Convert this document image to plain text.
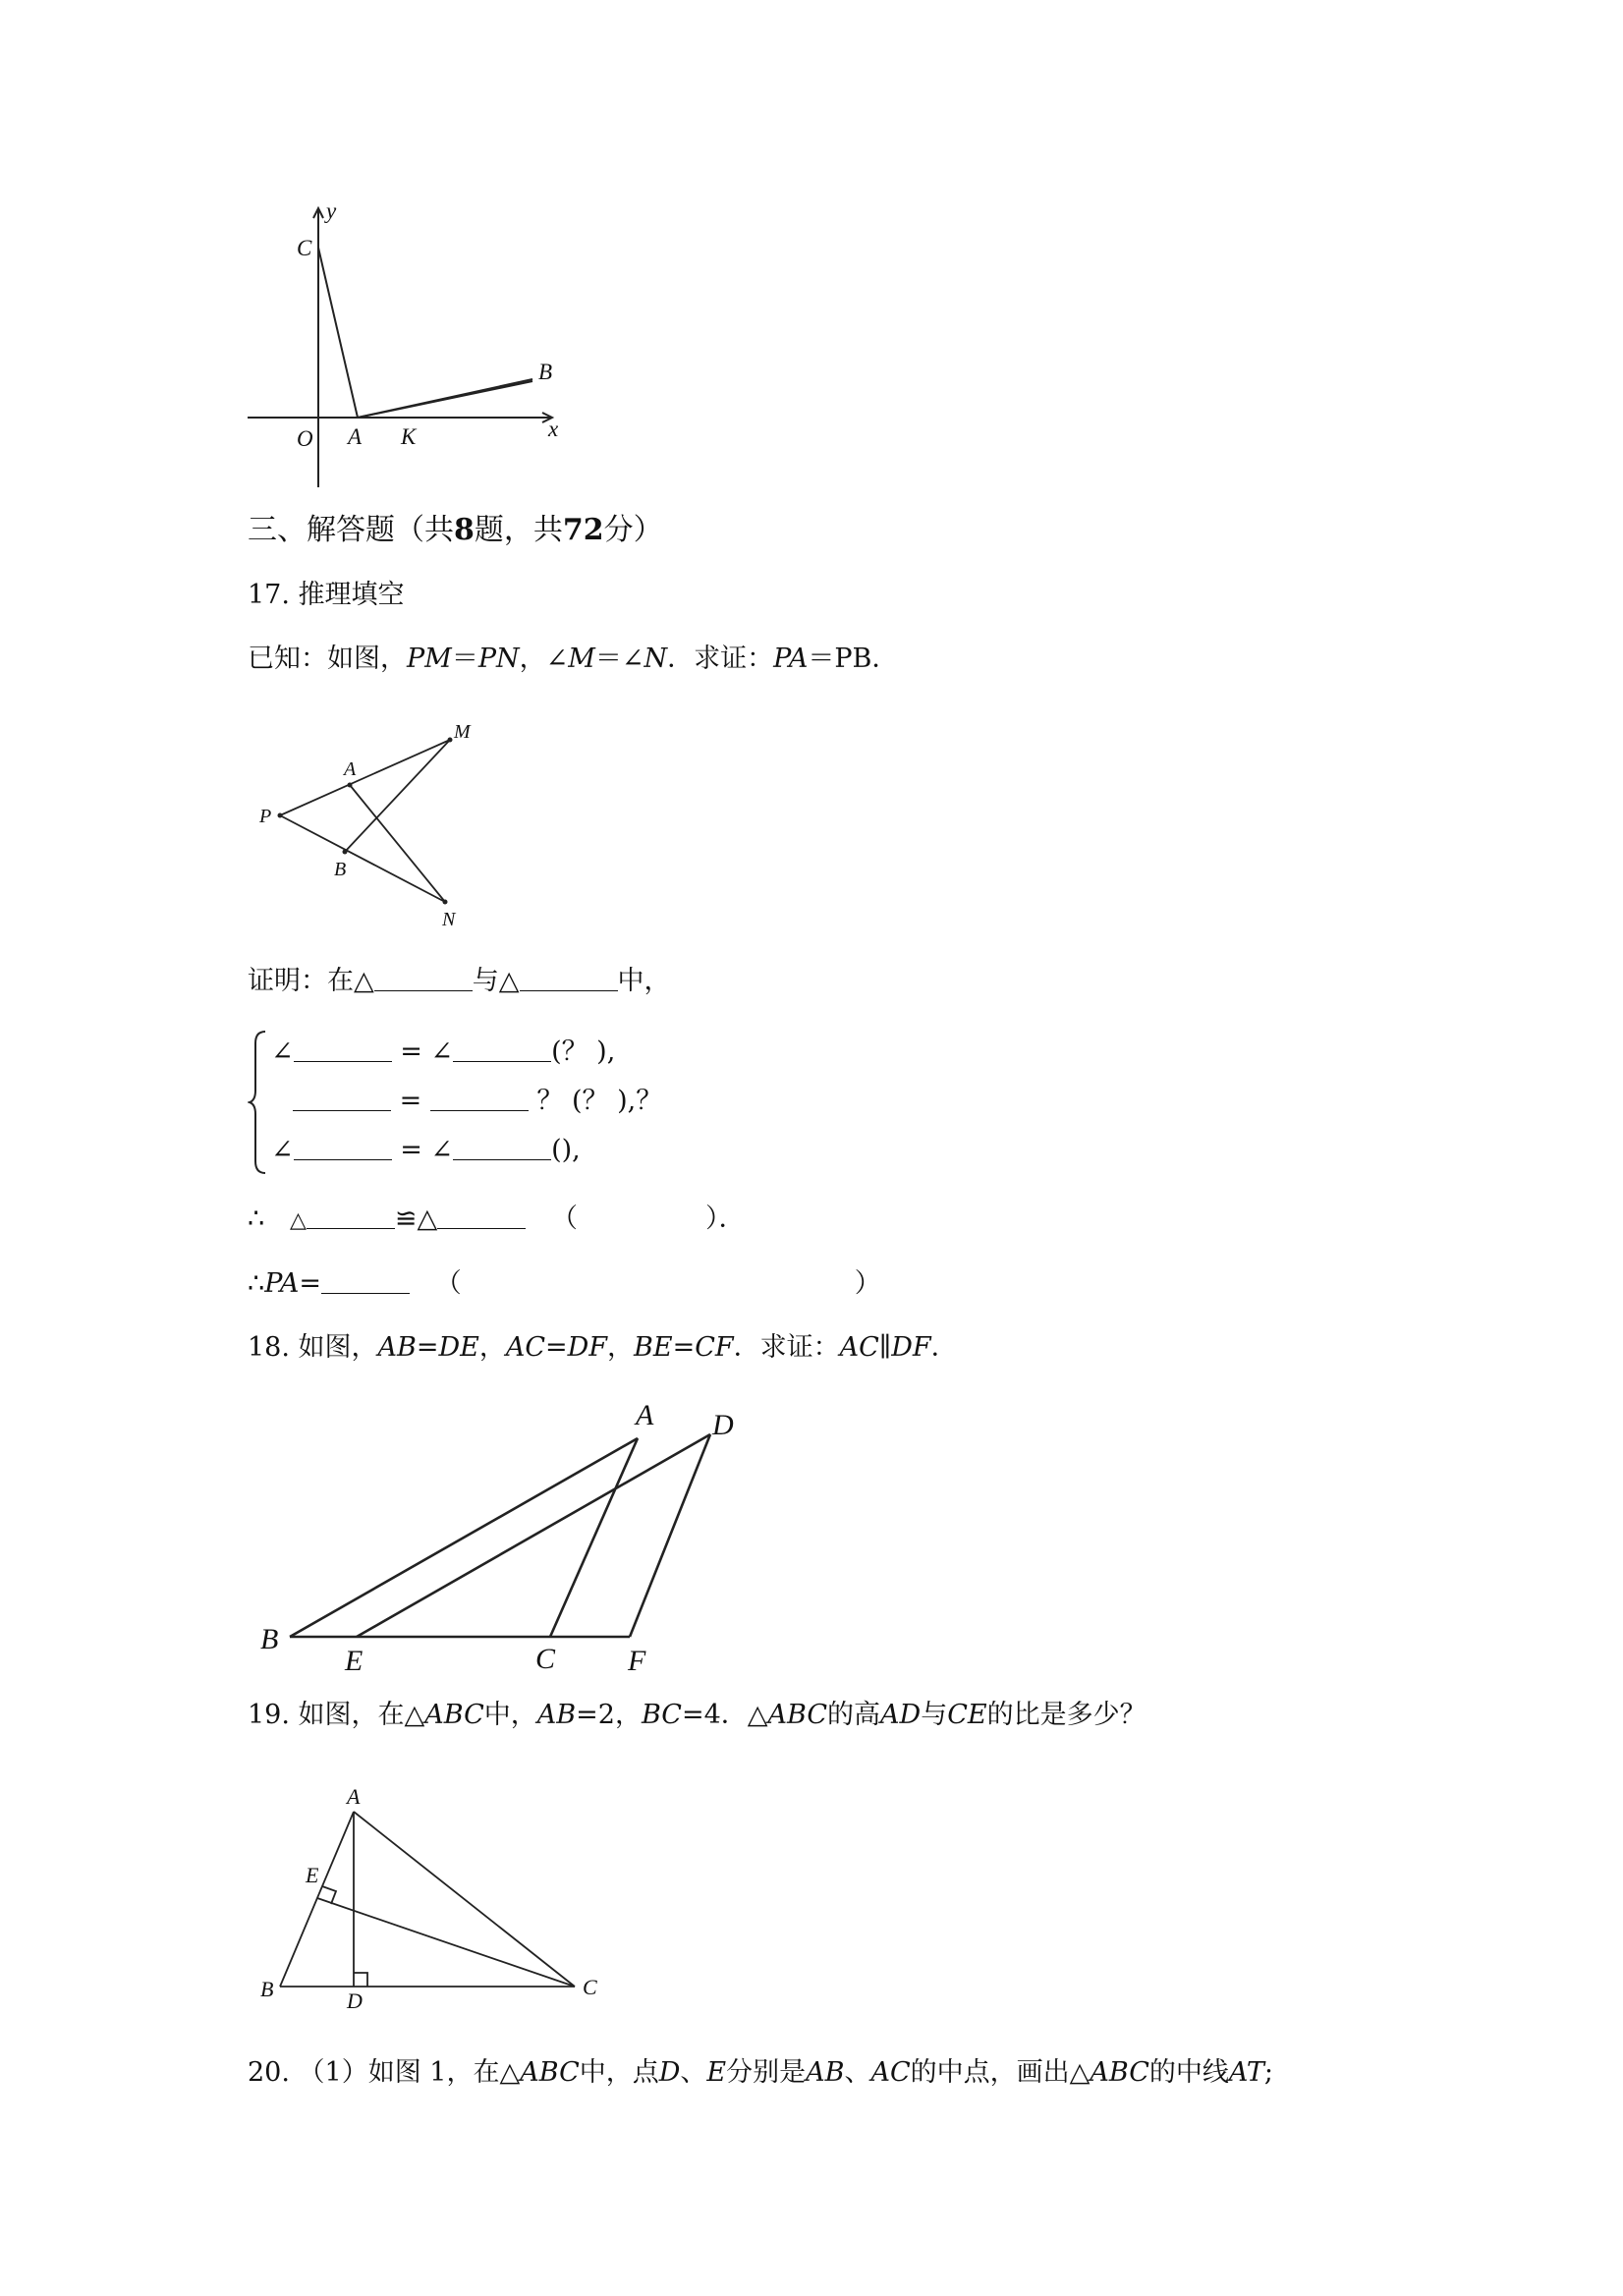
y
C
B
O A K	x
三、解答题（共8题，共72分）
17. 推理填空
已知：如图，PM＝PN，∠M＝∠N．求证：PA＝PB．
M
A
P
B
N
证明：在△	与△	中，
∠	= ∠	(？ ),
=	？ (？ ),？
∠	= ∠	(),
∴ △	≌△	（	）．
∴PA=	（	）
18. 如图，AB=DE，AC=DF，BE=CF．求证：AC∥DF．
A D
B
E	C F
19. 如图，在△ABC中，AB=2，BC=4．△ABC的高AD与CE的比是多少？
A
E
B	D
C
20. （1）如图 1，在△ABC中，点D、E分别是AB、AC的中点，画出△ABC的中线AT;
